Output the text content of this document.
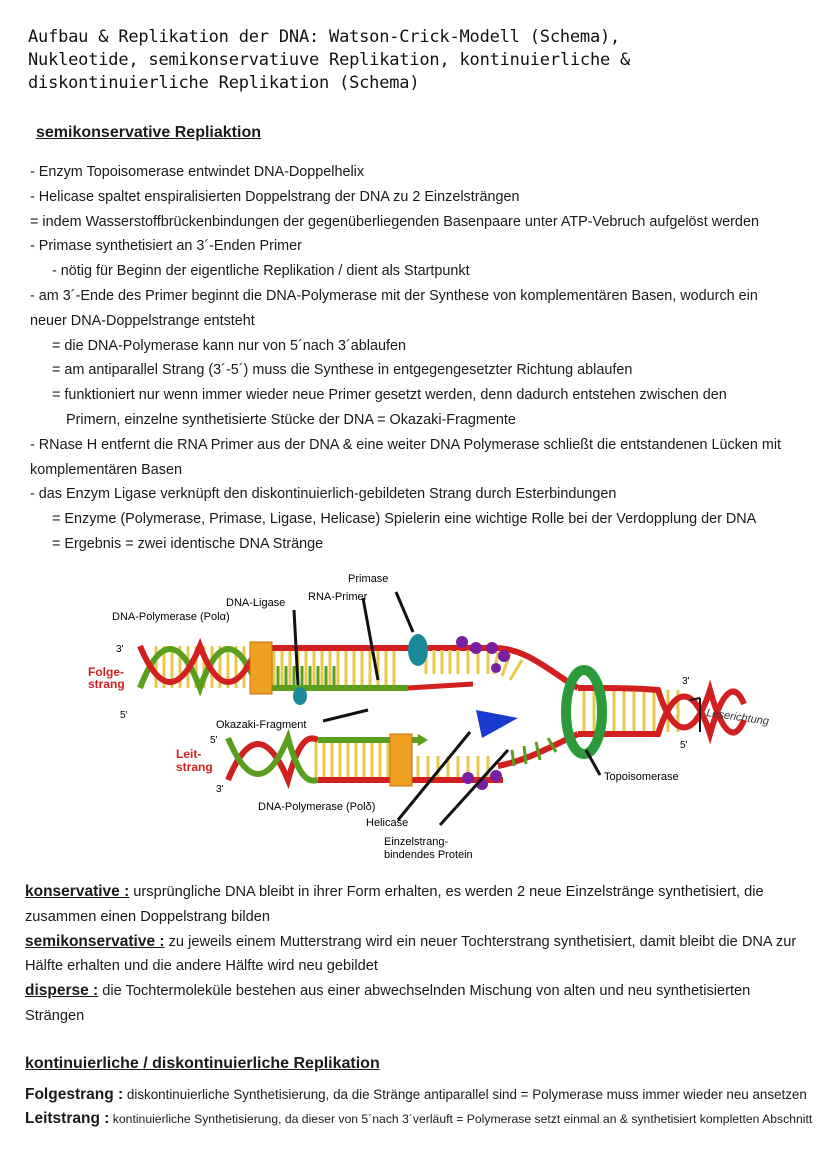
Aufbau & Replikation der DNA: Watson-Crick-Modell (Schema),
Nukleotide, semikonservatiuve Replikation, kontinuierliche &
diskontinuierliche Replikation (Schema)
semikonservative Repliaktion
- Enzym Topoisomerase entwindet DNA-Doppelhelix
- Helicase spaltet enspiralisierten Doppelstrang der DNA zu 2 Einzelsträngen
= indem Wasserstoffbrückenbindungen der gegenüberliegenden Basenpaare unter ATP-Vebruch aufgelöst werden
- Primase synthetisiert an 3´-Enden Primer
- nötig für Beginn der eigentliche Replikation / dient als Startpunkt
- am 3´-Ende des Primer beginnt die DNA-Polymerase mit der Synthese von komplementären Basen, wodurch ein
neuer DNA-Doppelstrange entsteht
= die DNA-Polymerase kann nur von 5´nach 3´ablaufen
= am antiparallel Strang (3´-5´) muss die Synthese in entgegengesetzter Richtung ablaufen
= funktioniert nur wenn immer wieder neue Primer gesetzt werden, denn dadurch entstehen zwischen den
Primern, einzelne synthetisierte Stücke der DNA = Okazaki-Fragmente
- RNase H entfernt die RNA Primer aus der DNA & eine weiter DNA Polymerase schließt die entstandenen Lücken mit
komplementären Basen
- das Enzym Ligase verknüpft den diskontinuierlich-gebildeten Strang durch Esterbindungen
= Enzyme (Polymerase, Primase, Ligase, Helicase) Spielerin eine wichtige Rolle bei der Verdopplung der DNA
= Ergebnis = zwei identische DNA Stränge
Primase
DNA-Ligase RNA-Primer
DNA-Polymerase (Polα)
3'
Folge-
strang
5'
Okazaki-Fragment
5'
Leit-
strang
3'
DNA-Polymerase (Polδ)
Helicase
Einzelstrang-
bindendes Protein
Topoisomerase
3'
5'
Leserichtung
konservative : ursprüngliche DNA bleibt in ihrer Form erhalten, es werden 2 neue Einzelstränge synthetisiert, die
zusammen einen Doppelstrang bilden
semikonservative : zu jeweils einem Mutterstrang wird ein neuer Tochterstrang synthetisiert, damit bleibt die DNA zur
Hälfte erhalten und die andere Hälfte wird neu gebildet
disperse : die Tochtermoleküle bestehen aus einer abwechselnden Mischung von alten und neu synthetisierten
Strängen
kontinuierliche / diskontinuierliche Replikation
Folgestrang : diskontinuierliche Synthetisierung, da die Stränge antiparallel sind = Polymerase muss immer wieder neu ansetzen
Leitstrang : kontinuierliche Synthetisierung, da dieser von 5´nach 3´verläuft = Polymerase setzt einmal an & synthetisiert kompletten Abschnitt
